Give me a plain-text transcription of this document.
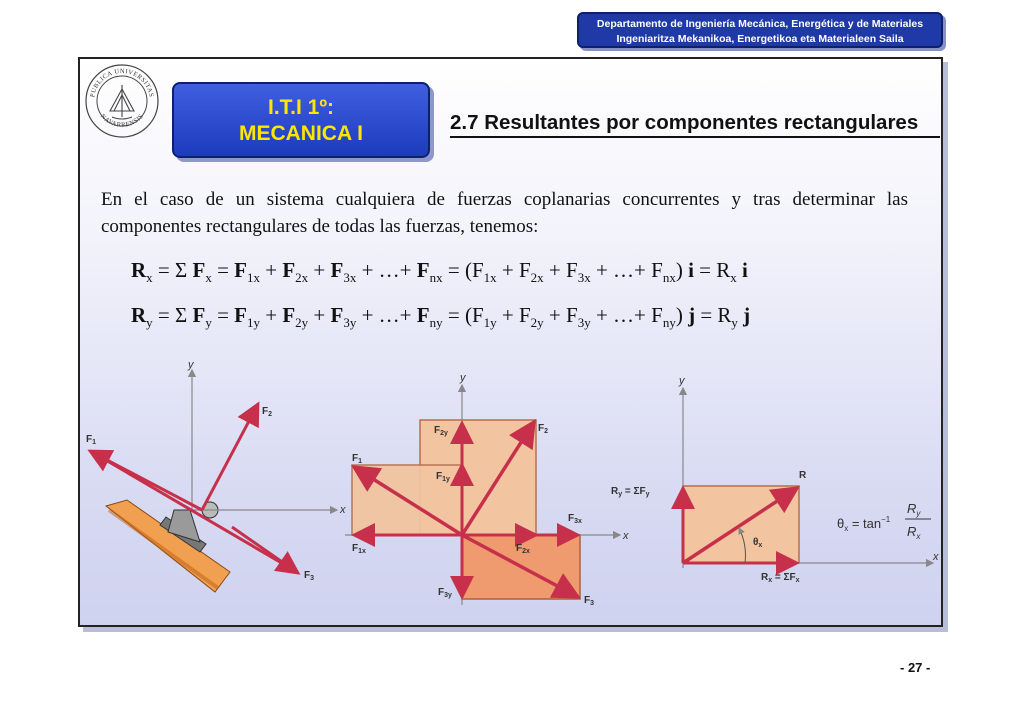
Departamento de Ingeniería Mecánica, Energética y de Materiales
Ingeniaritza Mekanikoa, Energetikoa eta Materialeen Saila
PUBLICA UNIVERSITAS
NAVARRENSIS	I.T.I 1º:
MECANICA I	2.7 Resultantes por componentes rectangulares
En el caso de un sistema cualquiera de fuerzas coplanarias concurrentes y tras determinar las componentes rectangulares de todas las fuerzas, tenemos:
$R_x = \Sigma$ $F_x = F_{1x} + F_{2x} + F_{3x}$ + …+ $F_{nx} = (F_{1x} + F_{2x} + F_{3x}$ + …+ $F_{nx}$) $i = R_x$ i
$R_y = \Sigma$ $F_y = F_{1y} + F_{2y} + F_{3y}$ + …+ $F_{ny} = (F_{1y} + F_{2y} + F_{3y}$ + …+ $F_{ny}$) $j = R_y$ j
y
x
$F_1$
$F_2$
$F_3$
y
x
$F_{2y}$	$F_2$
$F_1$
$F_{1y}$
$F_{1x}$
$F_{3x}$
$F_{2x}$
$F_{3y}$	$F_3$
y
x
R
$R_y = \Sigma F_y$
$\theta_x$
$R_x = \Sigma F_x$
$\theta_x = \tan^{-1}$
$R_y$
$R_x$
- 27 -
